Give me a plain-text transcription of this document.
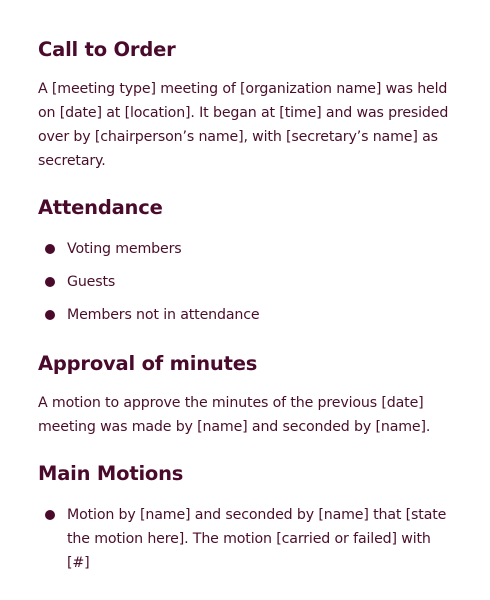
Call to Order

A [meeting type] meeting of [organization name] was held
on [date] at [location]. It began at [time] and was presided
over by [chairperson’s name], with [secretary’s name] as
secretary.

Attendance
Voting members
Guests
Members not in attendance
Approval of minutes

A motion to approve the minutes of the previous [date]
meeting was made by [name] and seconded by [name].

Main Motions
Motion by [name] and seconded by [name] that [state
the motion here]. The motion [carried or failed] with [#]
